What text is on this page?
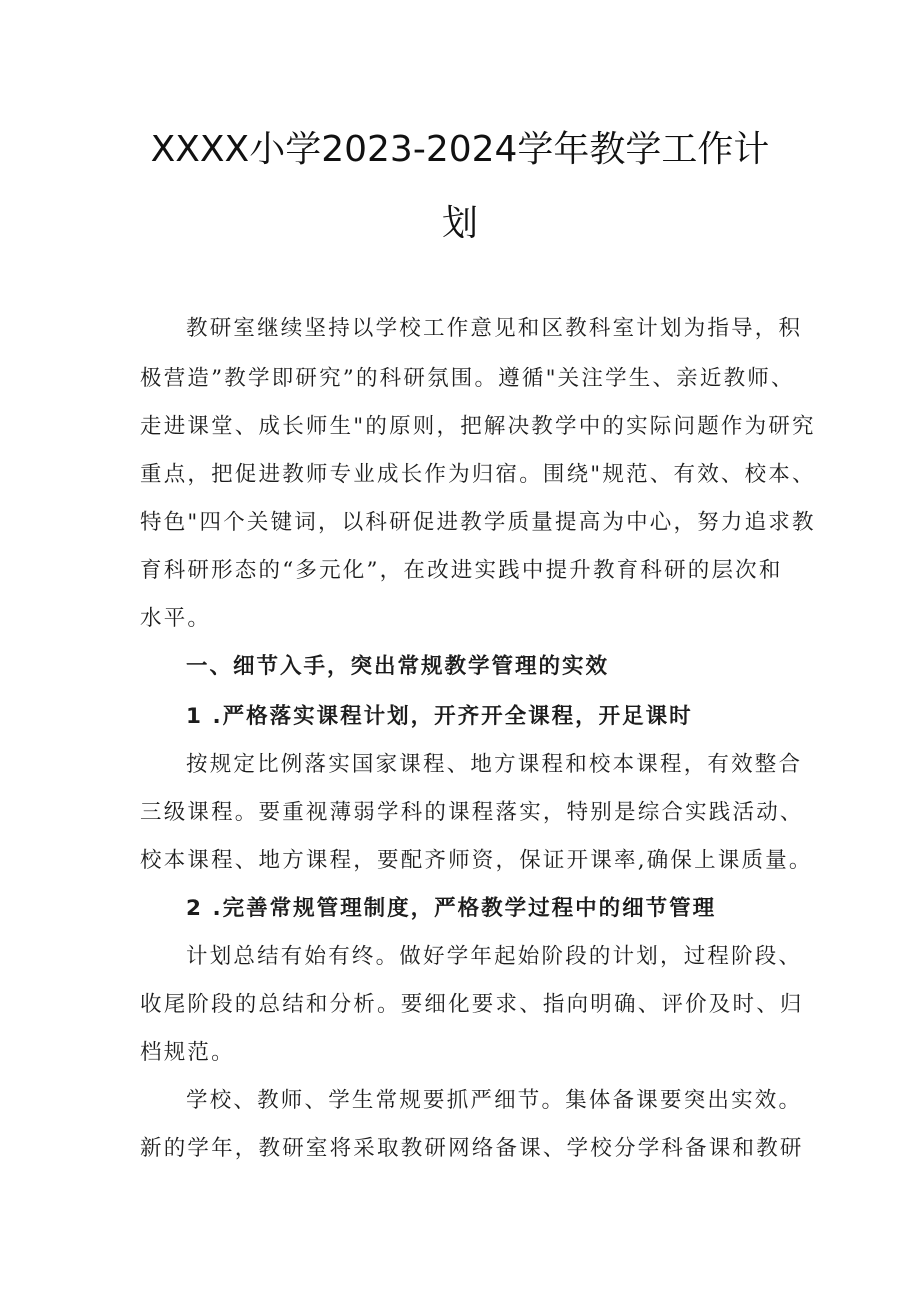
XXXX小学2023-2024学年教学工作计
划
教研室继续坚持以学校工作意见和区教科室计划为指导，积
极营造”教学即研究”的科研氛围。遵循"关注学生、亲近教师、
走进课堂、成长师生"的原则，把解决教学中的实际问题作为研究
重点，把促进教师专业成长作为归宿。围绕"规范、有效、校本、
特色"四个关键词，以科研促进教学质量提高为中心，努力追求教
育科研形态的“多元化”，在改进实践中提升教育科研的层次和
水平。
一、细节入手，突出常规教学管理的实效
1 .严格落实课程计划，开齐开全课程，开足课时
按规定比例落实国家课程、地方课程和校本课程，有效整合
三级课程。要重视薄弱学科的课程落实，特别是综合实践活动、
校本课程、地方课程，要配齐师资，保证开课率,确保上课质量。
2 .完善常规管理制度，严格教学过程中的细节管理
计划总结有始有终。做好学年起始阶段的计划，过程阶段、
收尾阶段的总结和分析。要细化要求、指向明确、评价及时、归
档规范。
学校、教师、学生常规要抓严细节。集体备课要突出实效。
新的学年，教研室将采取教研网络备课、学校分学科备课和教研
